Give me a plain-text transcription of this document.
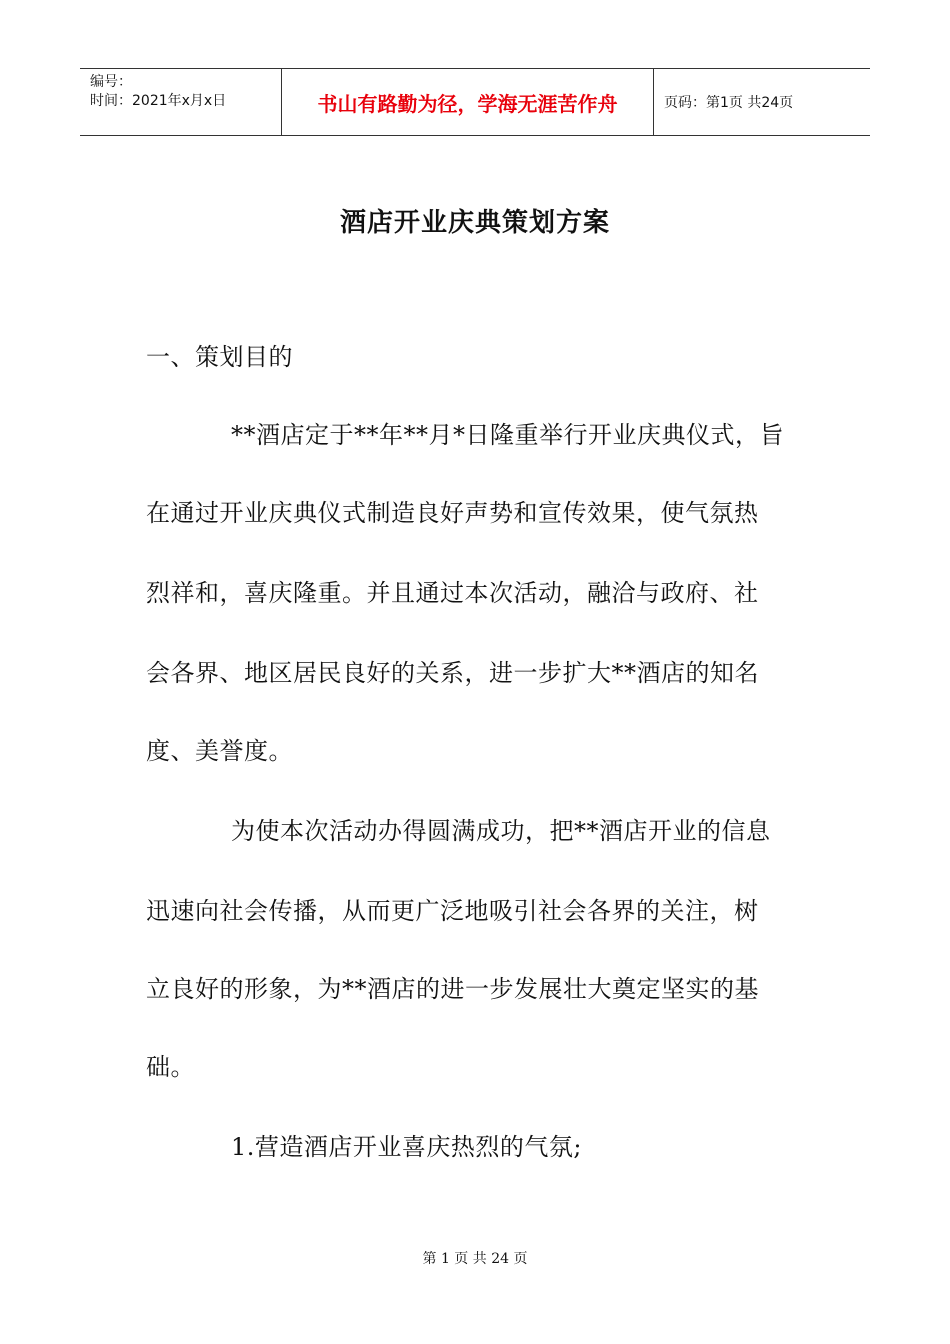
编号：
时间：2021年x月x日	书山有路勤为径，学海无涯苦作舟	页码：第1页 共24页
酒店开业庆典策划方案
一、策划目的
**酒店定于**年**月*日隆重举行开业庆典仪式，旨
在通过开业庆典仪式制造良好声势和宣传效果，使气氛热
烈祥和，喜庆隆重。并且通过本次活动，融洽与政府、社
会各界、地区居民良好的关系，进一步扩大**酒店的知名
度、美誉度。
为使本次活动办得圆满成功，把**酒店开业的信息
迅速向社会传播，从而更广泛地吸引社会各界的关注，树
立良好的形象，为**酒店的进一步发展壮大奠定坚实的基
础。
1.营造酒店开业喜庆热烈的气氛;
第 1 页 共 24 页
